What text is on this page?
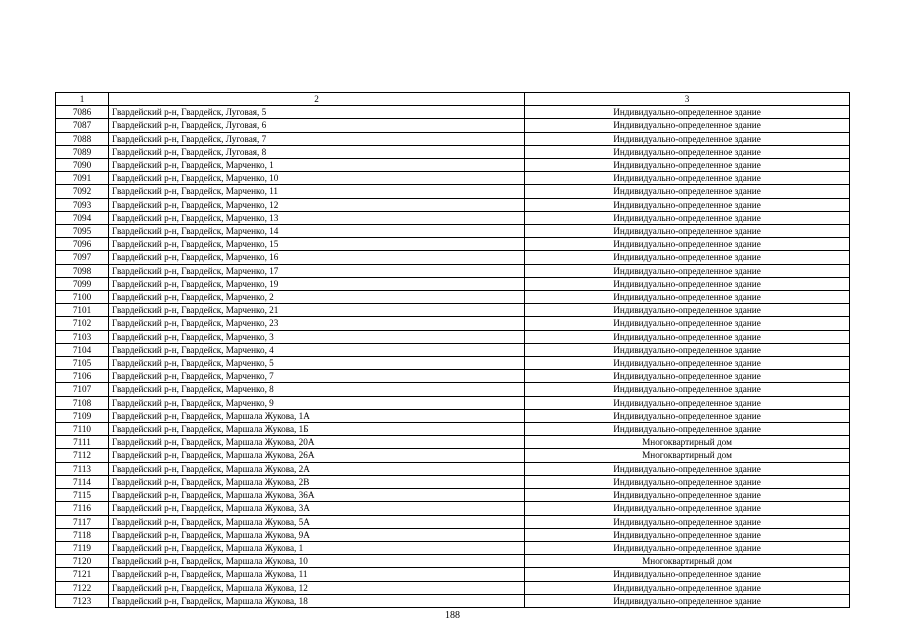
1	2	3
7086	Гвардейский р-н, Гвардейск, Луговая, 5	Индивидуально-определенное здание
7087	Гвардейский р-н, Гвардейск, Луговая, 6	Индивидуально-определенное здание
7088	Гвардейский р-н, Гвардейск, Луговая, 7	Индивидуально-определенное здание
7089	Гвардейский р-н, Гвардейск, Луговая, 8	Индивидуально-определенное здание
7090	Гвардейский р-н, Гвардейск, Марченко, 1	Индивидуально-определенное здание
7091	Гвардейский р-н, Гвардейск, Марченко, 10	Индивидуально-определенное здание
7092	Гвардейский р-н, Гвардейск, Марченко, 11	Индивидуально-определенное здание
7093	Гвардейский р-н, Гвардейск, Марченко, 12	Индивидуально-определенное здание
7094	Гвардейский р-н, Гвардейск, Марченко, 13	Индивидуально-определенное здание
7095	Гвардейский р-н, Гвардейск, Марченко, 14	Индивидуально-определенное здание
7096	Гвардейский р-н, Гвардейск, Марченко, 15	Индивидуально-определенное здание
7097	Гвардейский р-н, Гвардейск, Марченко, 16	Индивидуально-определенное здание
7098	Гвардейский р-н, Гвардейск, Марченко, 17	Индивидуально-определенное здание
7099	Гвардейский р-н, Гвардейск, Марченко, 19	Индивидуально-определенное здание
7100	Гвардейский р-н, Гвардейск, Марченко, 2	Индивидуально-определенное здание
7101	Гвардейский р-н, Гвардейск, Марченко, 21	Индивидуально-определенное здание
7102	Гвардейский р-н, Гвардейск, Марченко, 23	Индивидуально-определенное здание
7103	Гвардейский р-н, Гвардейск, Марченко, 3	Индивидуально-определенное здание
7104	Гвардейский р-н, Гвардейск, Марченко, 4	Индивидуально-определенное здание
7105	Гвардейский р-н, Гвардейск, Марченко, 5	Индивидуально-определенное здание
7106	Гвардейский р-н, Гвардейск, Марченко, 7	Индивидуально-определенное здание
7107	Гвардейский р-н, Гвардейск, Марченко, 8	Индивидуально-определенное здание
7108	Гвардейский р-н, Гвардейск, Марченко, 9	Индивидуально-определенное здание
7109	Гвардейский р-н, Гвардейск, Маршала Жукова, 1А	Индивидуально-определенное здание
7110	Гвардейский р-н, Гвардейск, Маршала Жукова, 1Б	Индивидуально-определенное здание
7111	Гвардейский р-н, Гвардейск, Маршала Жукова, 20А	Многоквартирный дом
7112	Гвардейский р-н, Гвардейск, Маршала Жукова, 26А	Многоквартирный дом
7113	Гвардейский р-н, Гвардейск, Маршала Жукова, 2А	Индивидуально-определенное здание
7114	Гвардейский р-н, Гвардейск, Маршала Жукова, 2В	Индивидуально-определенное здание
7115	Гвардейский р-н, Гвардейск, Маршала Жукова, 36А	Индивидуально-определенное здание
7116	Гвардейский р-н, Гвардейск, Маршала Жукова, 3А	Индивидуально-определенное здание
7117	Гвардейский р-н, Гвардейск, Маршала Жукова, 5А	Индивидуально-определенное здание
7118	Гвардейский р-н, Гвардейск, Маршала Жукова, 9А	Индивидуально-определенное здание
7119	Гвардейский р-н, Гвардейск, Маршала Жукова, 1	Индивидуально-определенное здание
7120	Гвардейский р-н, Гвардейск, Маршала Жукова, 10	Многоквартирный дом
7121	Гвардейский р-н, Гвардейск, Маршала Жукова, 11	Индивидуально-определенное здание
7122	Гвардейский р-н, Гвардейск, Маршала Жукова, 12	Индивидуально-определенное здание
7123	Гвардейский р-н, Гвардейск, Маршала Жукова, 18	Индивидуально-определенное здание
188
